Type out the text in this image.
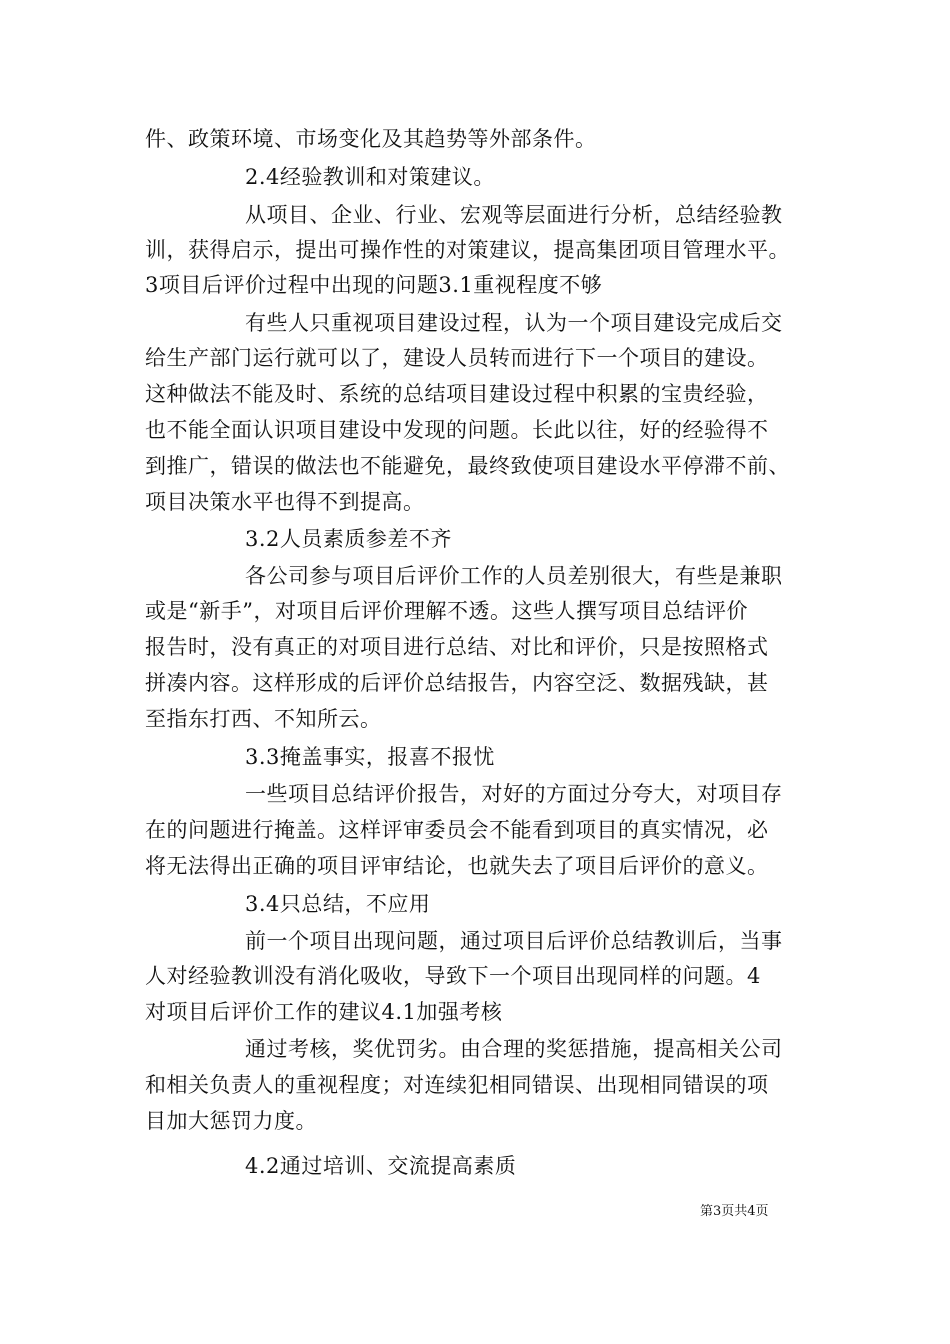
件、政策环境、市场变化及其趋势等外部条件。
2.4经验教训和对策建议。
从项目、企业、行业、宏观等层面进行分析，总结经验教
训，获得启示，提出可操作性的对策建议，提高集团项目管理水平。
3项目后评价过程中出现的问题3.1重视程度不够
有些人只重视项目建设过程，认为一个项目建设完成后交
给生产部门运行就可以了，建设人员转而进行下一个项目的建设。
这种做法不能及时、系统的总结项目建设过程中积累的宝贵经验，
也不能全面认识项目建设中发现的问题。长此以往，好的经验得不
到推广，错误的做法也不能避免，最终致使项目建设水平停滞不前、
项目决策水平也得不到提高。
3.2人员素质参差不齐
各公司参与项目后评价工作的人员差别很大，有些是兼职
或是“新手”，对项目后评价理解不透。这些人撰写项目总结评价
报告时，没有真正的对项目进行总结、对比和评价，只是按照格式
拼凑内容。这样形成的后评价总结报告，内容空泛、数据残缺，甚
至指东打西、不知所云。
3.3掩盖事实，报喜不报忧
一些项目总结评价报告，对好的方面过分夸大，对项目存
在的问题进行掩盖。这样评审委员会不能看到项目的真实情况，必
将无法得出正确的项目评审结论，也就失去了项目后评价的意义。
3.4只总结，不应用
前一个项目出现问题，通过项目后评价总结教训后，当事
人对经验教训没有消化吸收，导致下一个项目出现同样的问题。4
对项目后评价工作的建议4.1加强考核
通过考核，奖优罚劣。由合理的奖惩措施，提高相关公司
和相关负责人的重视程度；对连续犯相同错误、出现相同错误的项
目加大惩罚力度。
4.2通过培训、交流提高素质
第3页共4页
